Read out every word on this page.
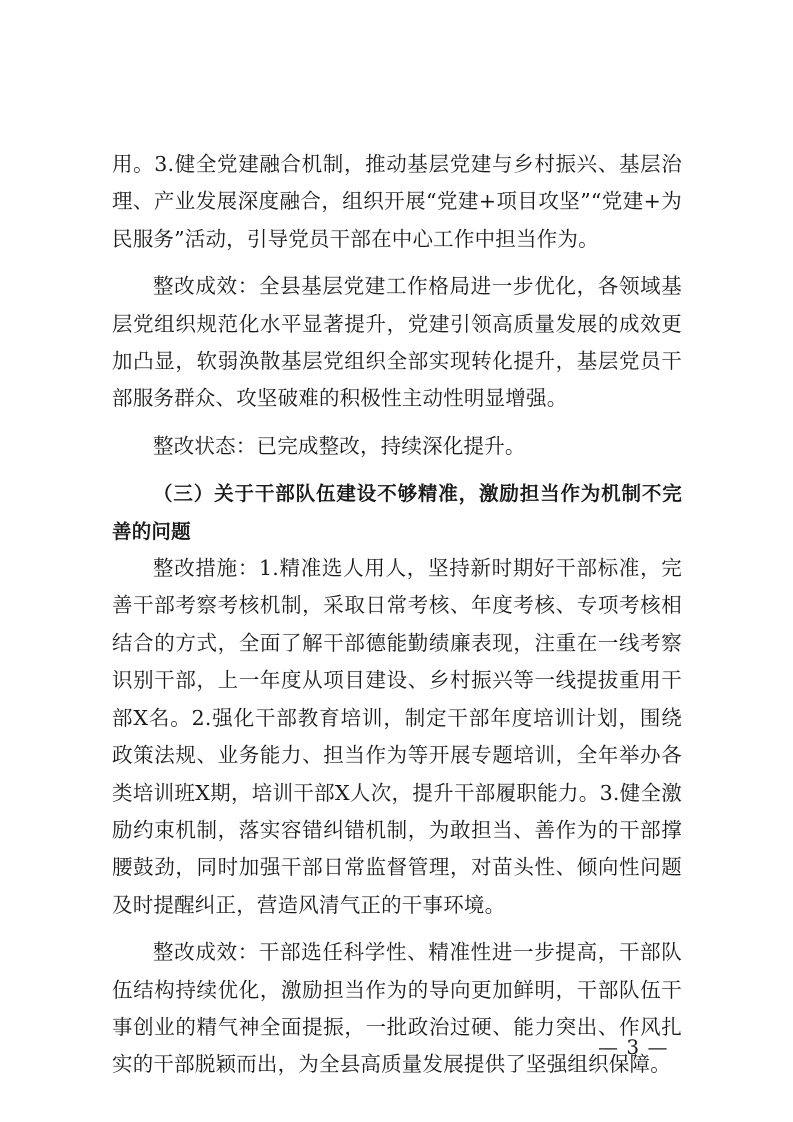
用。3.健全党建融合机制，推动基层党建与乡村振兴、基层治理、产业发展深度融合，组织开展“党建+项目攻坚”“党建+为民服务”活动，引导党员干部在中心工作中担当作为。

整改成效：全县基层党建工作格局进一步优化，各领域基层党组织规范化水平显著提升，党建引领高质量发展的成效更加凸显，软弱涣散基层党组织全部实现转化提升，基层党员干部服务群众、攻坚破难的积极性主动性明显增强。

整改状态：已完成整改，持续深化提升。

（三）关于干部队伍建设不够精准，激励担当作为机制不完善的问题

整改措施：1.精准选人用人，坚持新时期好干部标准，完善干部考察考核机制，采取日常考核、年度考核、专项考核相结合的方式，全面了解干部德能勤绩廉表现，注重在一线考察识别干部，上一年度从项目建设、乡村振兴等一线提拔重用干部X名。2.强化干部教育培训，制定干部年度培训计划，围绕政策法规、业务能力、担当作为等开展专题培训，全年举办各类培训班X期，培训干部X人次，提升干部履职能力。3.健全激励约束机制，落实容错纠错机制，为敢担当、善作为的干部撑腰鼓劲，同时加强干部日常监督管理，对苗头性、倾向性问题及时提醒纠正，营造风清气正的干事环境。

整改成效：干部选任科学性、精准性进一步提高，干部队伍结构持续优化，激励担当作为的导向更加鲜明，干部队伍干事创业的精气神全面提振，一批政治过硬、能力突出、作风扎实的干部脱颖而出，为全县高质量发展提供了坚强组织保障。

— 3 —
